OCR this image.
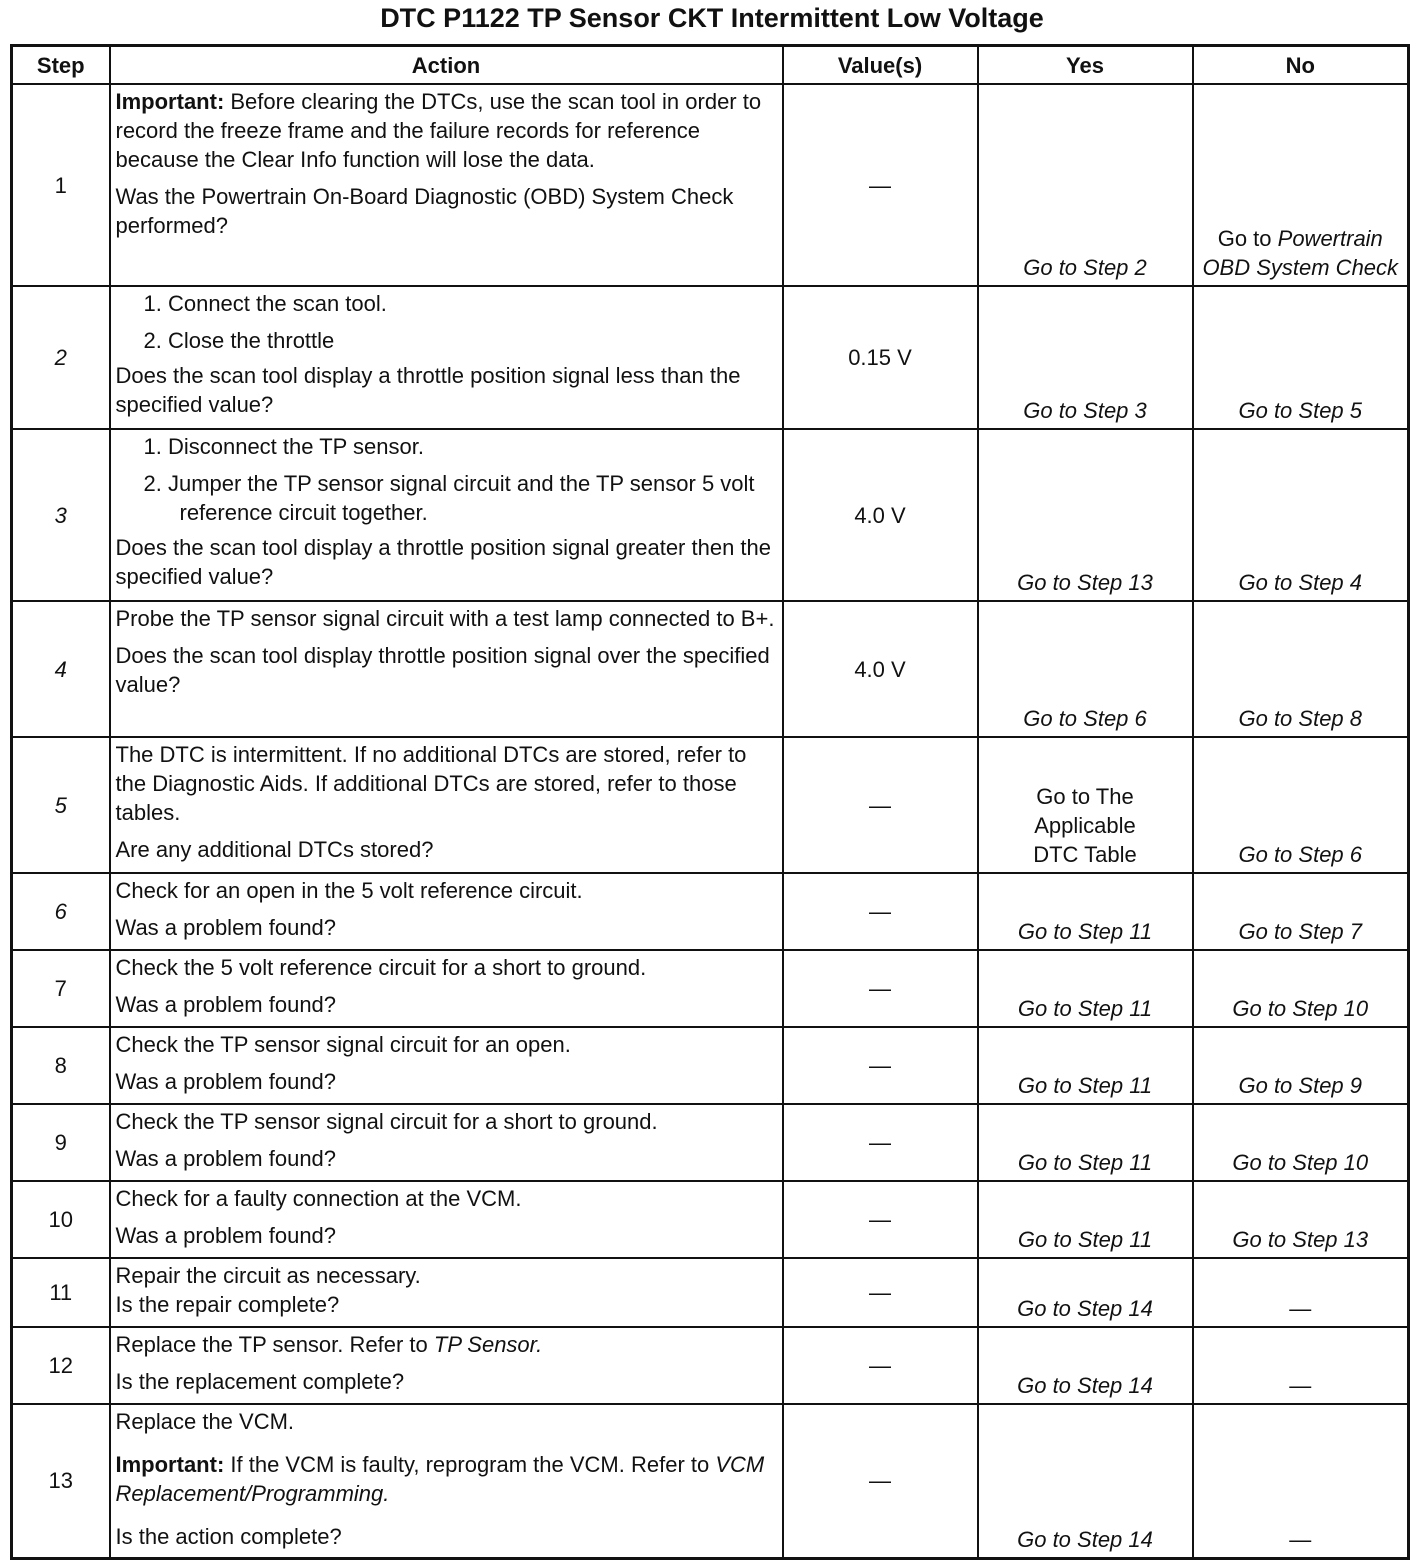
DTC P1122 TP Sensor CKT Intermittent Low Voltage
Step	Action	Value(s)	Yes	No
1	Important: Before clearing the DTCs, use the scan tool in order to record the freeze frame and the failure records for reference because the Clear Info function will lose the data.

Was the Powertrain On-Board Diagnostic (OBD) System Check performed?	—	Go to Step 2	Go to Powertrain OBD System Check
2	1. Connect the scan tool.

2. Close the throttle

Does the scan tool display a throttle position signal less than the specified value?	0.15 V	Go to Step 3	Go to Step 5
3	1. Disconnect the TP sensor.

2. Jumper the TP sensor signal circuit and the TP sensor 5 volt reference circuit together.

Does the scan tool display a throttle position signal greater then the specified value?	4.0 V	Go to Step 13	Go to Step 4
4	Probe the TP sensor signal circuit with a test lamp connected to B+.

Does the scan tool display throttle position signal over the specified value?	4.0 V	Go to Step 6	Go to Step 8
5	The DTC is intermittent. If no additional DTCs are stored, refer to the Diagnostic Aids. If additional DTCs are stored, refer to those tables.

Are any additional DTCs stored?	—	Go to The Applicable DTC Table	Go to Step 6
6	Check for an open in the 5 volt reference circuit.

Was a problem found?	—	Go to Step 11	Go to Step 7
7	Check the 5 volt reference circuit for a short to ground.

Was a problem found?	—	Go to Step 11	Go to Step 10
8	Check the TP sensor signal circuit for an open.

Was a problem found?	—	Go to Step 11	Go to Step 9
9	Check the TP sensor signal circuit for a short to ground.

Was a problem found?	—	Go to Step 11	Go to Step 10
10	Check for a faulty connection at the VCM.

Was a problem found?	—	Go to Step 11	Go to Step 13
11	Repair the circuit as necessary.

Is the repair complete?	—	Go to Step 14	—
12	Replace the TP sensor. Refer to TP Sensor.

Is the replacement complete?	—	Go to Step 14	—
13	Replace the VCM.

Important: If the VCM is faulty, reprogram the VCM. Refer to VCM Replacement/Programming.

Is the action complete?	—	Go to Step 14	—
